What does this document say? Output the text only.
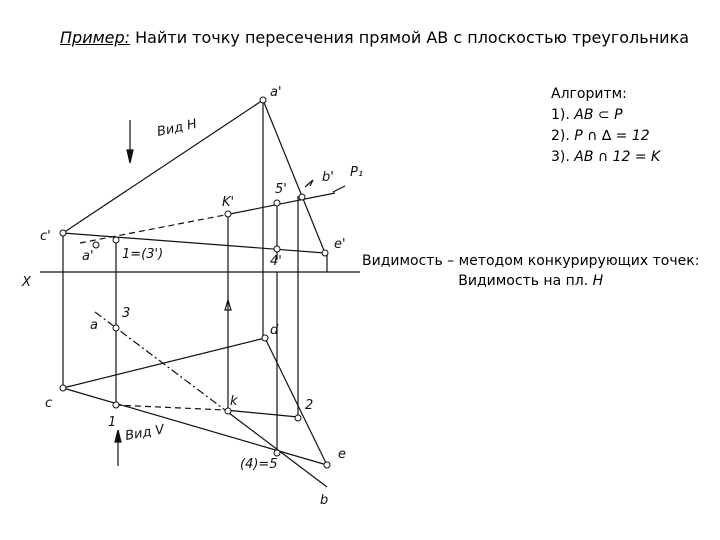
Пример: Найти точку пересечения прямой АВ с плоскостью треугольника
Алгоритм:
1). AB ⊂ P
2). P ∩ ∆ = 12
3). AB ∩ 12 = K
Видимость – методом конкурирующих точек:
Видимость на пл. H
a'
b'
c'
e'
K'
5'
4'
a' 1=(3')
P₁
Вид H
X
a
3
d
c
1
k	2
e
b
(4)=5
Вид V
